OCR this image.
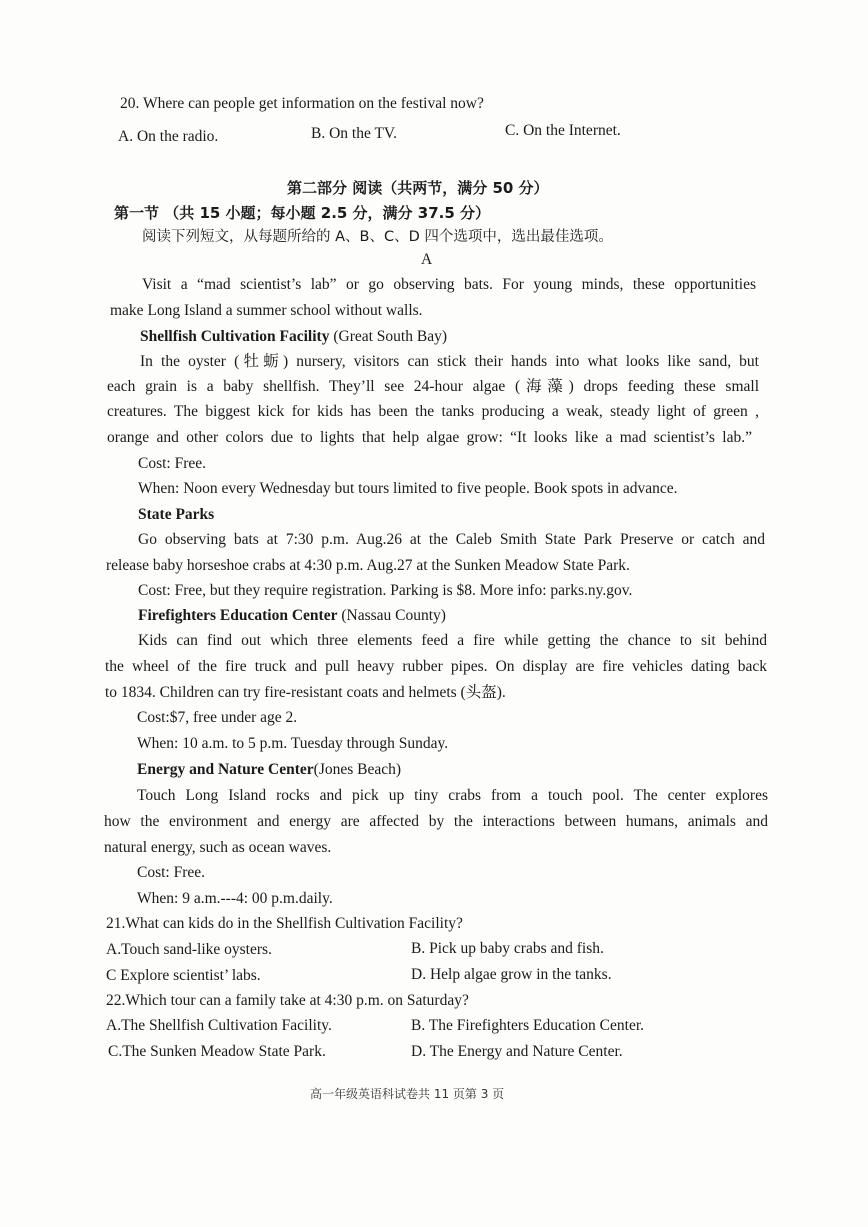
20. Where can people get information on the festival now?
A. On the radio.	B. On the TV.	C. On the Internet.
第二部分 阅读（共两节，满分 50 分）
第一节 （共 15 小题；每小题 2.5 分，满分 37.5 分）
阅读下列短文，从每题所给的 A、B、C、D 四个选项中，选出最佳选项。
A
Visit a “mad scientist’s lab” or go observing bats. For young minds, these opportunities
make Long Island a summer school without walls.
Shellfish Cultivation Facility (Great South Bay)
In the oyster (牡蛎) nursery, visitors can stick their hands into what looks like sand, but
each grain is a baby shellfish. They’ll see 24-hour algae (海藻) drops feeding these small
creatures. The biggest kick for kids has been the tanks producing a weak, steady light of green ,
orange and other colors due to lights that help algae grow: “It looks like a mad scientist’s lab.”
Cost: Free.
When: Noon every Wednesday but tours limited to five people. Book spots in advance.
State Parks
Go observing bats at 7:30 p.m. Aug.26 at the Caleb Smith State Park Preserve or catch and
release baby horseshoe crabs at 4:30 p.m. Aug.27 at the Sunken Meadow State Park.
Cost: Free, but they require registration. Parking is $8. More info: parks.ny.gov.
Firefighters Education Center (Nassau County)
Kids can find out which three elements feed a fire while getting the chance to sit behind
the wheel of the fire truck and pull heavy rubber pipes. On display are fire vehicles dating back
to 1834. Children can try fire-resistant coats and helmets (头盔).
Cost:$7, free under age 2.
When: 10 a.m. to 5 p.m. Tuesday through Sunday.
Energy and Nature Center(Jones Beach)
Touch Long Island rocks and pick up tiny crabs from a touch pool. The center explores
how the environment and energy are affected by the interactions between humans, animals and
natural energy, such as ocean waves.
Cost: Free.
When: 9 a.m.---4: 00 p.m.daily.
21.What can kids do in the Shellfish Cultivation Facility?
A.Touch sand-like oysters.	B. Pick up baby crabs and fish.
C Explore scientist’ labs.	D. Help algae grow in the tanks.
22.Which tour can a family take at 4:30 p.m. on Saturday?
A.The Shellfish Cultivation Facility.	B. The Firefighters Education Center.
C.The Sunken Meadow State Park.	D. The Energy and Nature Center.
高一年级英语科试卷共 11 页第 3 页
